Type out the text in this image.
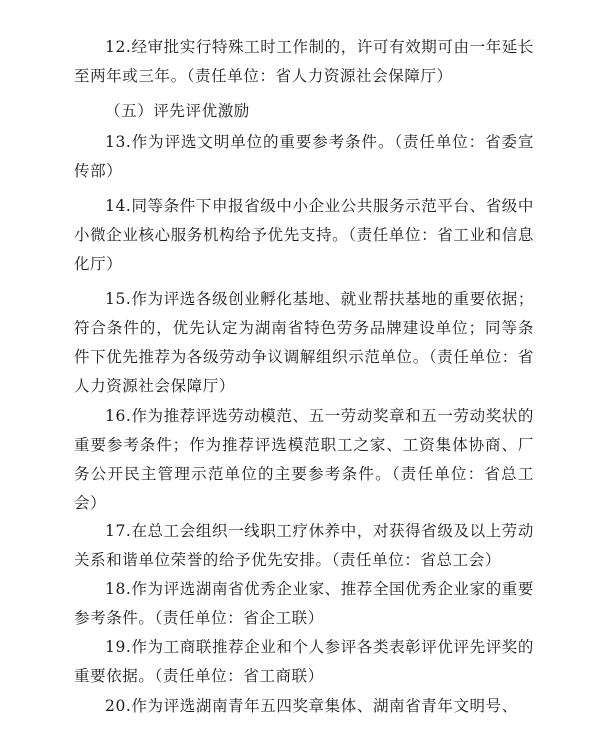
12.经审批实行特殊工时工作制的，许可有效期可由一年延长至两年或三年。（责任单位：省人力资源社会保障厅）

（五）评先评优激励

13.作为评选文明单位的重要参考条件。（责任单位：省委宣传部）

14.同等条件下申报省级中小企业公共服务示范平台、省级中小微企业核心服务机构给予优先支持。（责任单位：省工业和信息化厅）

15.作为评选各级创业孵化基地、就业帮扶基地的重要依据；符合条件的，优先认定为湖南省特色劳务品牌建设单位；同等条件下优先推荐为各级劳动争议调解组织示范单位。（责任单位：省人力资源社会保障厅）

16.作为推荐评选劳动模范、五一劳动奖章和五一劳动奖状的重要参考条件；作为推荐评选模范职工之家、工资集体协商、厂务公开民主管理示范单位的主要参考条件。（责任单位：省总工会）

17.在总工会组织一线职工疗休养中，对获得省级及以上劳动关系和谐单位荣誉的给予优先安排。（责任单位：省总工会）

18.作为评选湖南省优秀企业家、推荐全国优秀企业家的重要参考条件。（责任单位：省企工联）

19.作为工商联推荐企业和个人参评各类表彰评优评先评奖的重要依据。（责任单位：省工商联）

20.作为评选湖南青年五四奖章集体、湖南省青年文明号、
